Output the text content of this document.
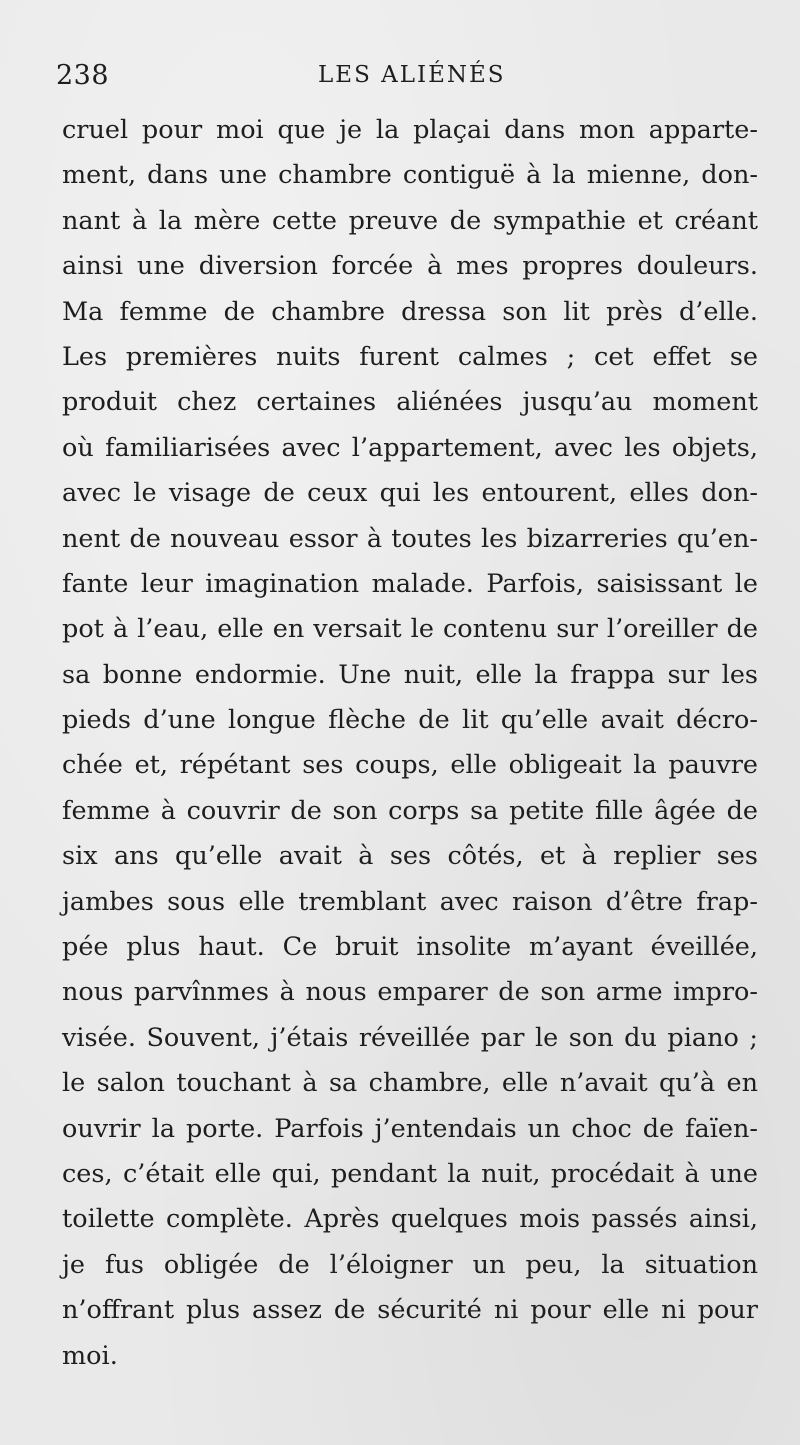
238	LES ALIÉNÉS
cruel pour moi que je la plaçai dans mon apparte-
ment, dans une chambre contiguë à la mienne, don-
nant à la mère cette preuve de sympathie et créant
ainsi une diversion forcée à mes propres douleurs.
Ma femme de chambre dressa son lit près d’elle.
Les premières nuits furent calmes ; cet effet se
produit chez certaines aliénées jusqu’au moment
où familiarisées avec l’appartement, avec les objets,
avec le visage de ceux qui les entourent, elles don-
nent de nouveau essor à toutes les bizarreries qu’en-
fante leur imagination malade. Parfois, saisissant le
pot à l’eau, elle en versait le contenu sur l’oreiller de
sa bonne endormie. Une nuit, elle la frappa sur les
pieds d’une longue flèche de lit qu’elle avait décro-
chée et, répétant ses coups, elle obligeait la pauvre
femme à couvrir de son corps sa petite fille âgée de
six ans qu’elle avait à ses côtés, et à replier ses
jambes sous elle tremblant avec raison d’être frap-
pée plus haut. Ce bruit insolite m’ayant éveillée,
nous parvînmes à nous emparer de son arme impro-
visée. Souvent, j’étais réveillée par le son du piano ;
le salon touchant à sa chambre, elle n’avait qu’à en
ouvrir la porte. Parfois j’entendais un choc de faïen-
ces, c’était elle qui, pendant la nuit, procédait à une
toilette complète. Après quelques mois passés ainsi,
je fus obligée de l’éloigner un peu, la situation
n’offrant plus assez de sécurité ni pour elle ni pour
moi.
